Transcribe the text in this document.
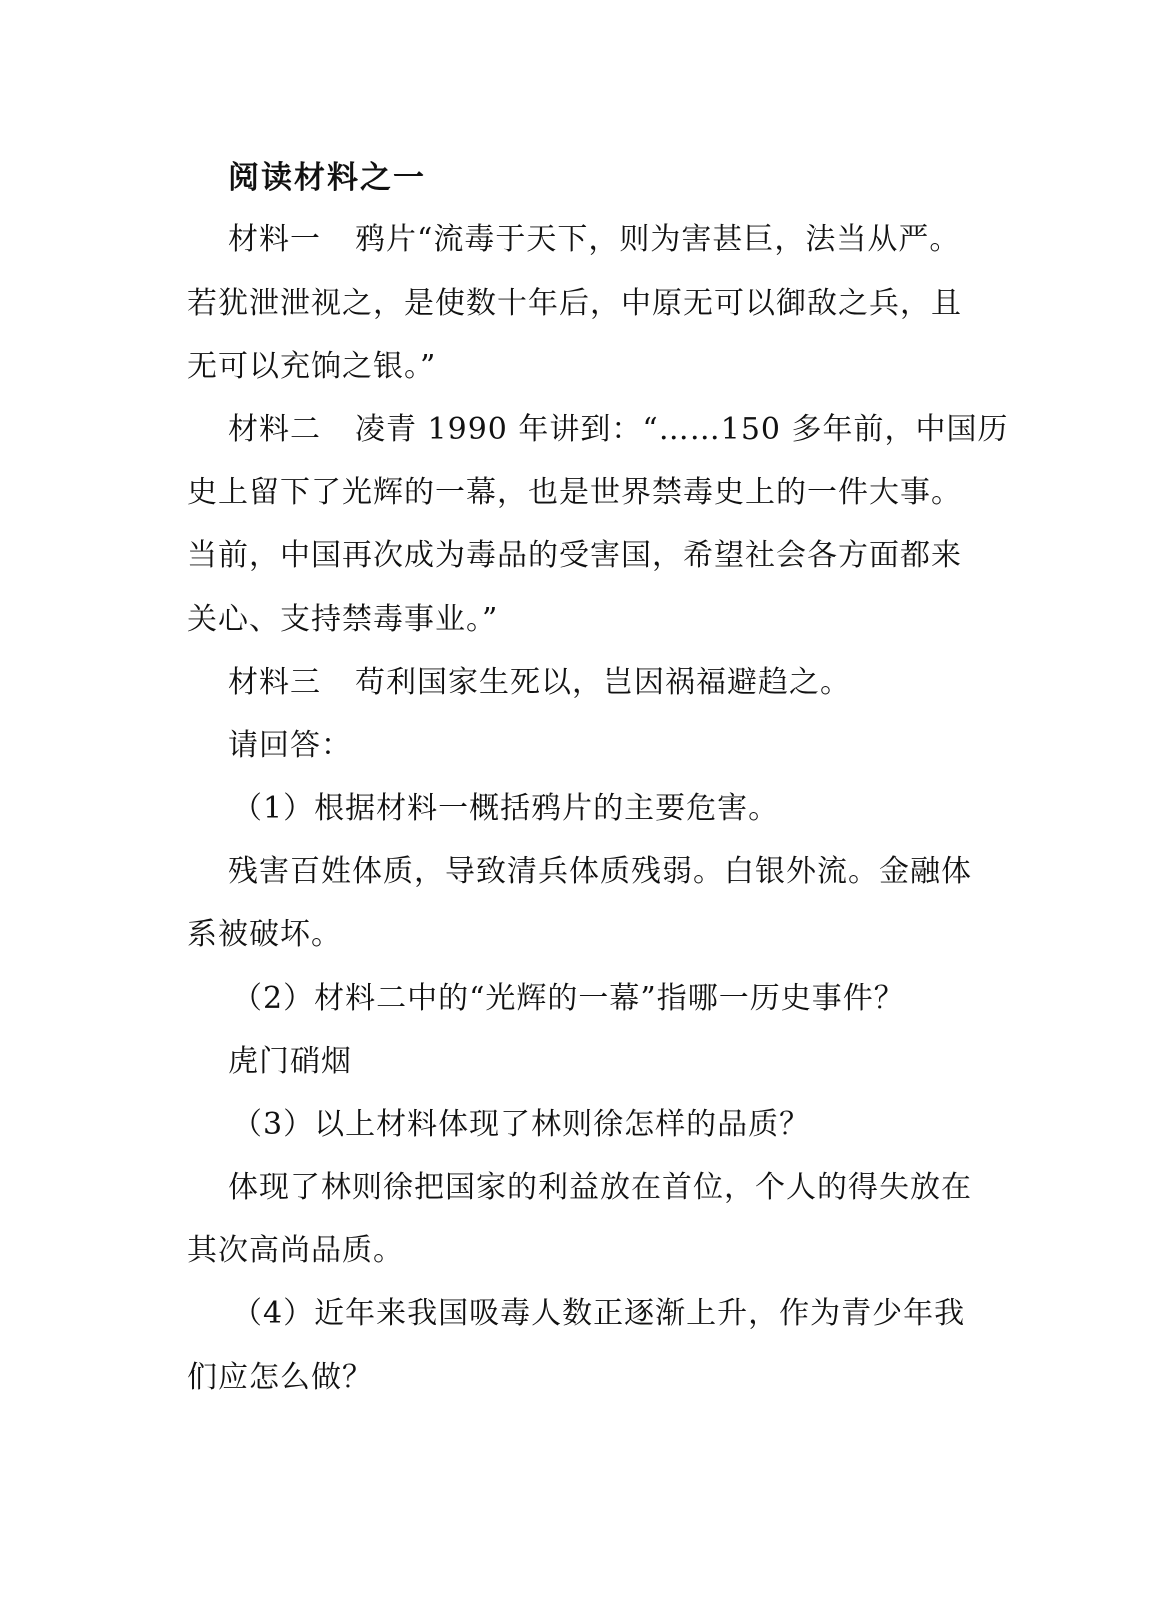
阅读材料之一
材料一 鸦片“流毒于天下，则为害甚巨，法当从严。
若犹泄泄视之，是使数十年后，中原无可以御敌之兵，且
无可以充饷之银。”
材料二 凌青 1990 年讲到：“……150 多年前，中国历
史上留下了光辉的一幕，也是世界禁毒史上的一件大事。
当前，中国再次成为毒品的受害国，希望社会各方面都来
关心、支持禁毒事业。”
材料三 苟利国家生死以，岂因祸福避趋之。
请回答：
（1）根据材料一概括鸦片的主要危害。
残害百姓体质，导致清兵体质残弱。白银外流。金融体
系被破坏。
（2）材料二中的“光辉的一幕”指哪一历史事件？
虎门硝烟
（3）以上材料体现了林则徐怎样的品质？
体现了林则徐把国家的利益放在首位，个人的得失放在
其次高尚品质。
（4）近年来我国吸毒人数正逐渐上升，作为青少年我
们应怎么做？
